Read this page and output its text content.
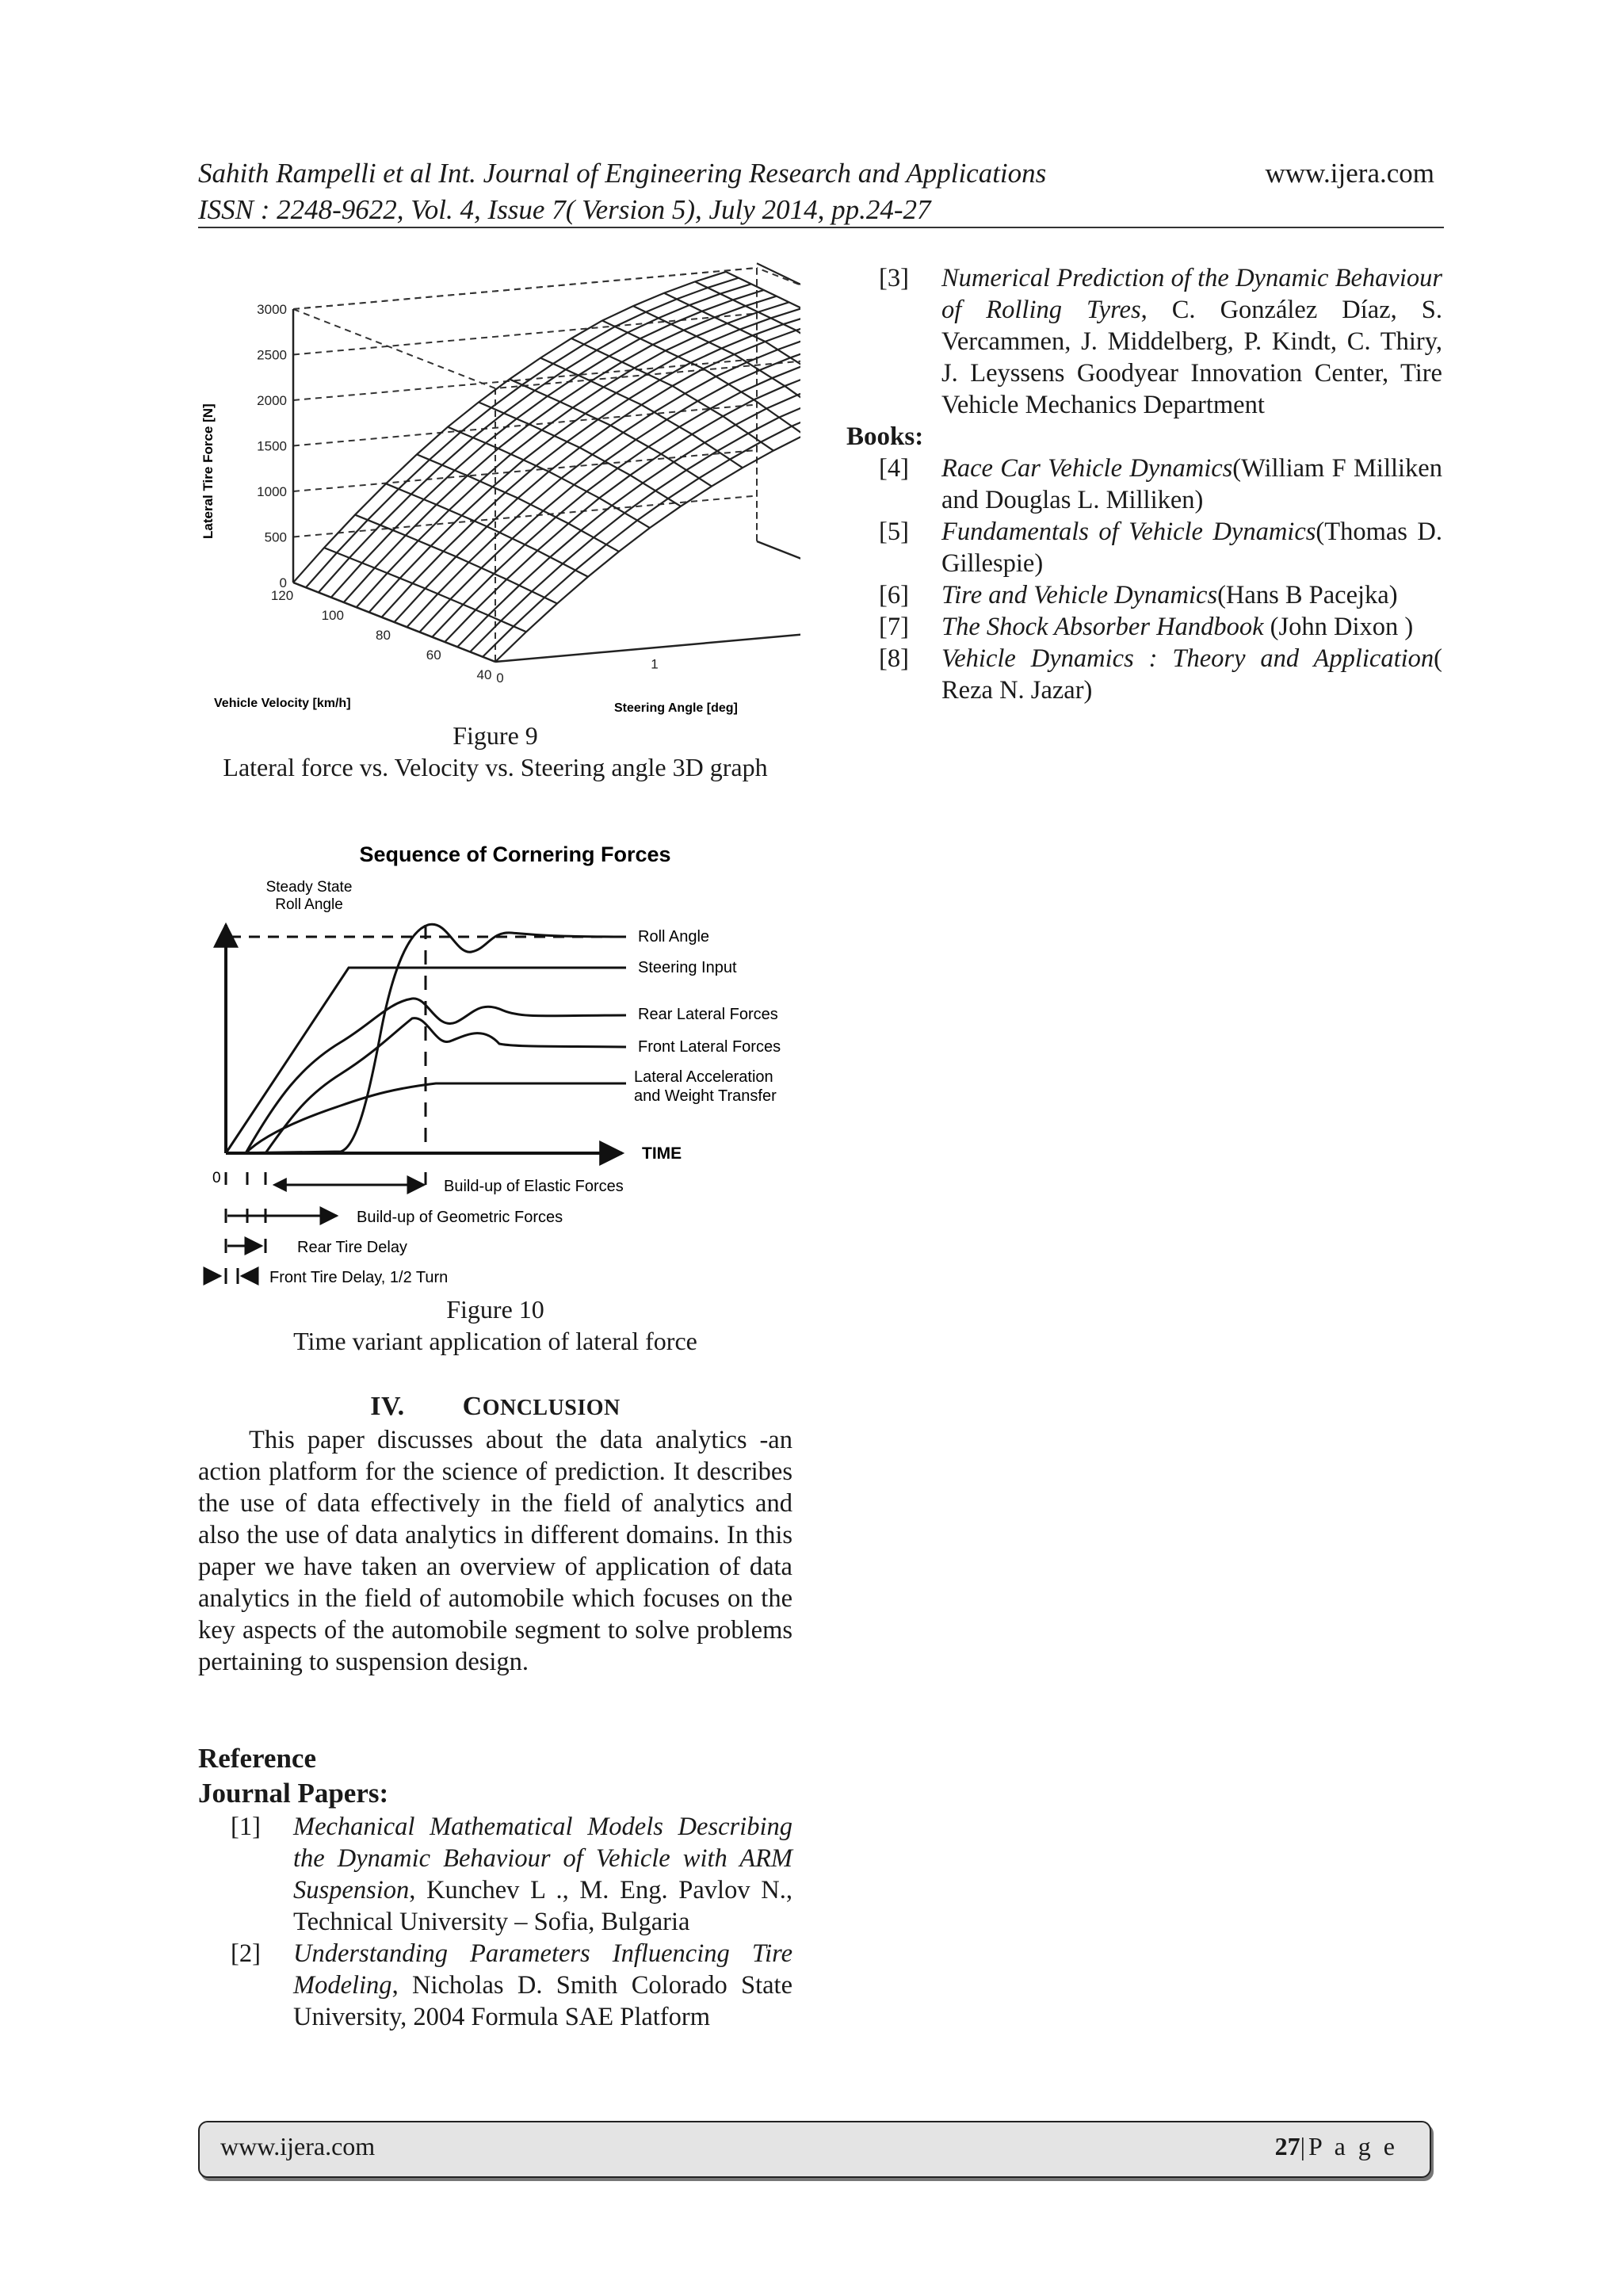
Sahith Rampelli et al Int. Journal of Engineering Research and Applications
ISSN : 2248-9622, Vol. 4, Issue 7( Version 5), July 2014, pp.24-27
www.ijera.com
0
500
1000
1500
2000
2500
3000
120
100
80
60
40 0
1
Lateral Tire Force [N]
Vehicle Velocity [km/h]	Steering Angle [deg]
Figure 9
Lateral force vs. Velocity vs. Steering angle 3D graph
Sequence of Cornering Forces
Steady State
Roll Angle
TIME
0
Roll Angle
Steering Input
Rear Lateral Forces
Front Lateral Forces
Lateral Acceleration
and Weight Transfer
Build-up of Elastic Forces
Build-up of Geometric Forces
Rear Tire Delay
Front Tire Delay, 1/2 Turn
Figure 10
Time variant application of lateral force
IV. CONCLUSION
This paper discusses about the data analytics -an action platform for the science of prediction. It describes the use of data effectively in the field of analytics and also the use of data analytics in different domains. In this paper we have taken an overview of application of data analytics in the field of automobile which focuses on the key aspects of the automobile segment to solve problems pertaining to suspension design.
Reference
Journal Papers:
[1]	Mechanical Mathematical Models Describing the Dynamic Behaviour of Vehicle with ARM Suspension, Kunchev L ., M. Eng. Pavlov N., Technical University – Sofia, Bulgaria
[2]	Understanding Parameters Influencing Tire Modeling, Nicholas D. Smith Colorado State University, 2004 Formula SAE Platform
[3]	Numerical Prediction of the Dynamic Behaviour of Rolling Tyres, C. González Díaz, S. Vercammen, J. Middelberg, P. Kindt, C. Thiry, J. Leyssens Goodyear Innovation Center, Tire Vehicle Mechanics Department
Books:
[4]	Race Car Vehicle Dynamics(William F Milliken and Douglas L. Milliken)
[5]	Fundamentals of Vehicle Dynamics(Thomas D. Gillespie)
[6]	Tire and Vehicle Dynamics(Hans B Pacejka)
[7]	The Shock Absorber Handbook (John Dixon )
[8]	Vehicle Dynamics : Theory and Application( Reza N. Jazar)
www.ijera.com	27|P a g e
